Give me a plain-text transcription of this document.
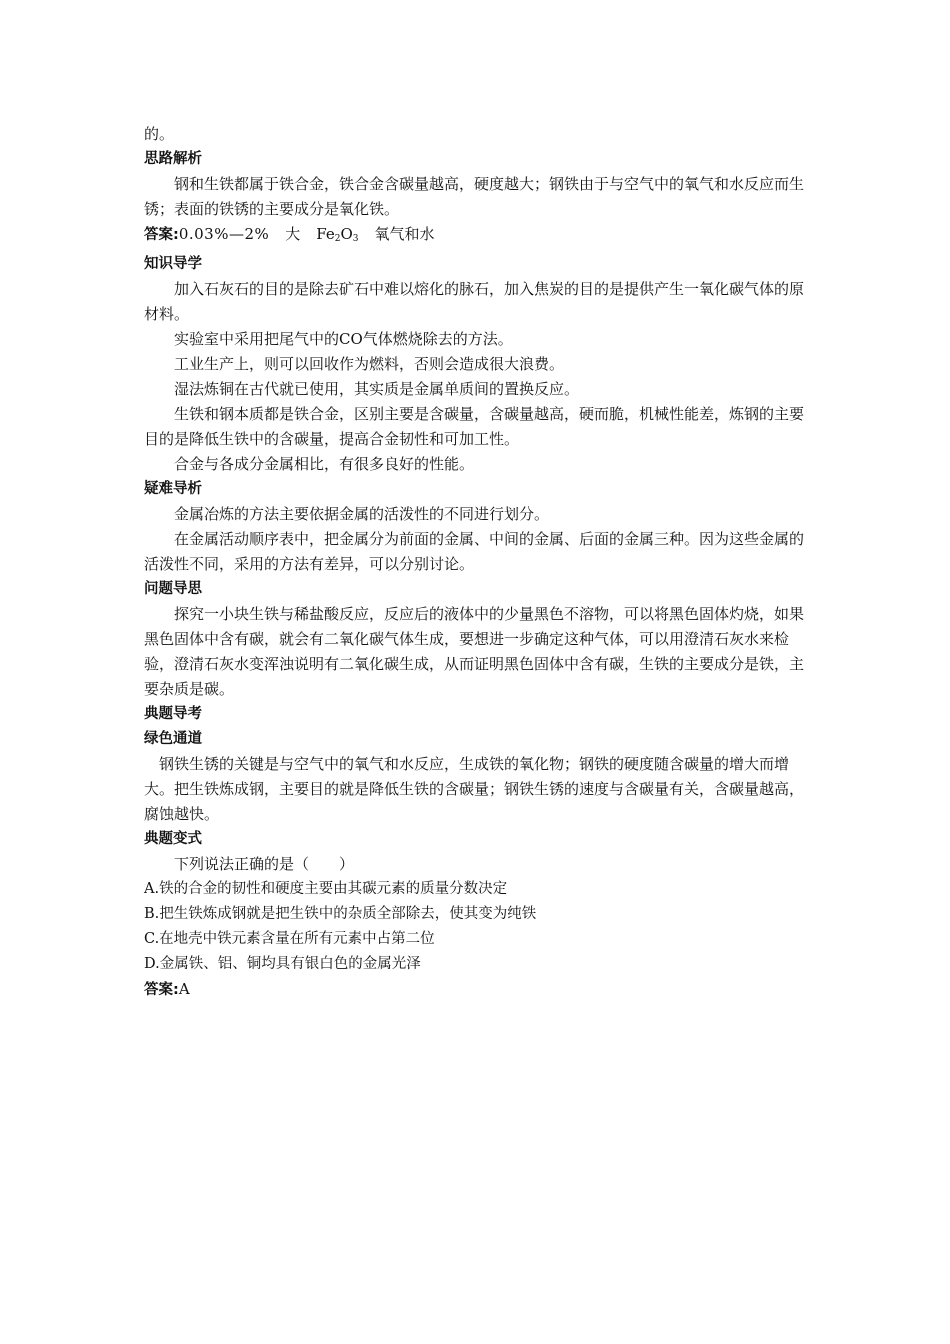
的。

思路解析

钢和生铁都属于铁合金，铁合金含碳量越高，硬度越大；钢铁由于与空气中的氧气和水反应而生锈；表面的铁锈的主要成分是氧化铁。

答案:0.03%—2% 大 $Fe_2O_3$ 氧气和水

知识导学

加入石灰石的目的是除去矿石中难以熔化的脉石，加入焦炭的目的是提供产生一氧化碳气体的原材料。

实验室中采用把尾气中的CO气体燃烧除去的方法。

工业生产上，则可以回收作为燃料，否则会造成很大浪费。

湿法炼铜在古代就已使用，其实质是金属单质间的置换反应。

生铁和钢本质都是铁合金，区别主要是含碳量，含碳量越高，硬而脆，机械性能差，炼钢的主要目的是降低生铁中的含碳量，提高合金韧性和可加工性。

合金与各成分金属相比，有很多良好的性能。

疑难导析

金属冶炼的方法主要依据金属的活泼性的不同进行划分。

在金属活动顺序表中，把金属分为前面的金属、中间的金属、后面的金属三种。因为这些金属的活泼性不同，采用的方法有差异，可以分别讨论。

问题导思

探究一小块生铁与稀盐酸反应，反应后的液体中的少量黑色不溶物，可以将黑色固体灼烧，如果黑色固体中含有碳，就会有二氧化碳气体生成，要想进一步确定这种气体，可以用澄清石灰水来检验，澄清石灰水变浑浊说明有二氧化碳生成，从而证明黑色固体中含有碳，生铁的主要成分是铁，主要杂质是碳。

典题导考

绿色通道

钢铁生锈的关键是与空气中的氧气和水反应，生成铁的氧化物；钢铁的硬度随含碳量的增大而增大。把生铁炼成钢，主要目的就是降低生铁的含碳量；钢铁生锈的速度与含碳量有关，含碳量越高，腐蚀越快。

典题变式

下列说法正确的是（　　）

A.铁的合金的韧性和硬度主要由其碳元素的质量分数决定

B.把生铁炼成钢就是把生铁中的杂质全部除去，使其变为纯铁

C.在地壳中铁元素含量在所有元素中占第二位

D.金属铁、铝、铜均具有银白色的金属光泽

答案:A
